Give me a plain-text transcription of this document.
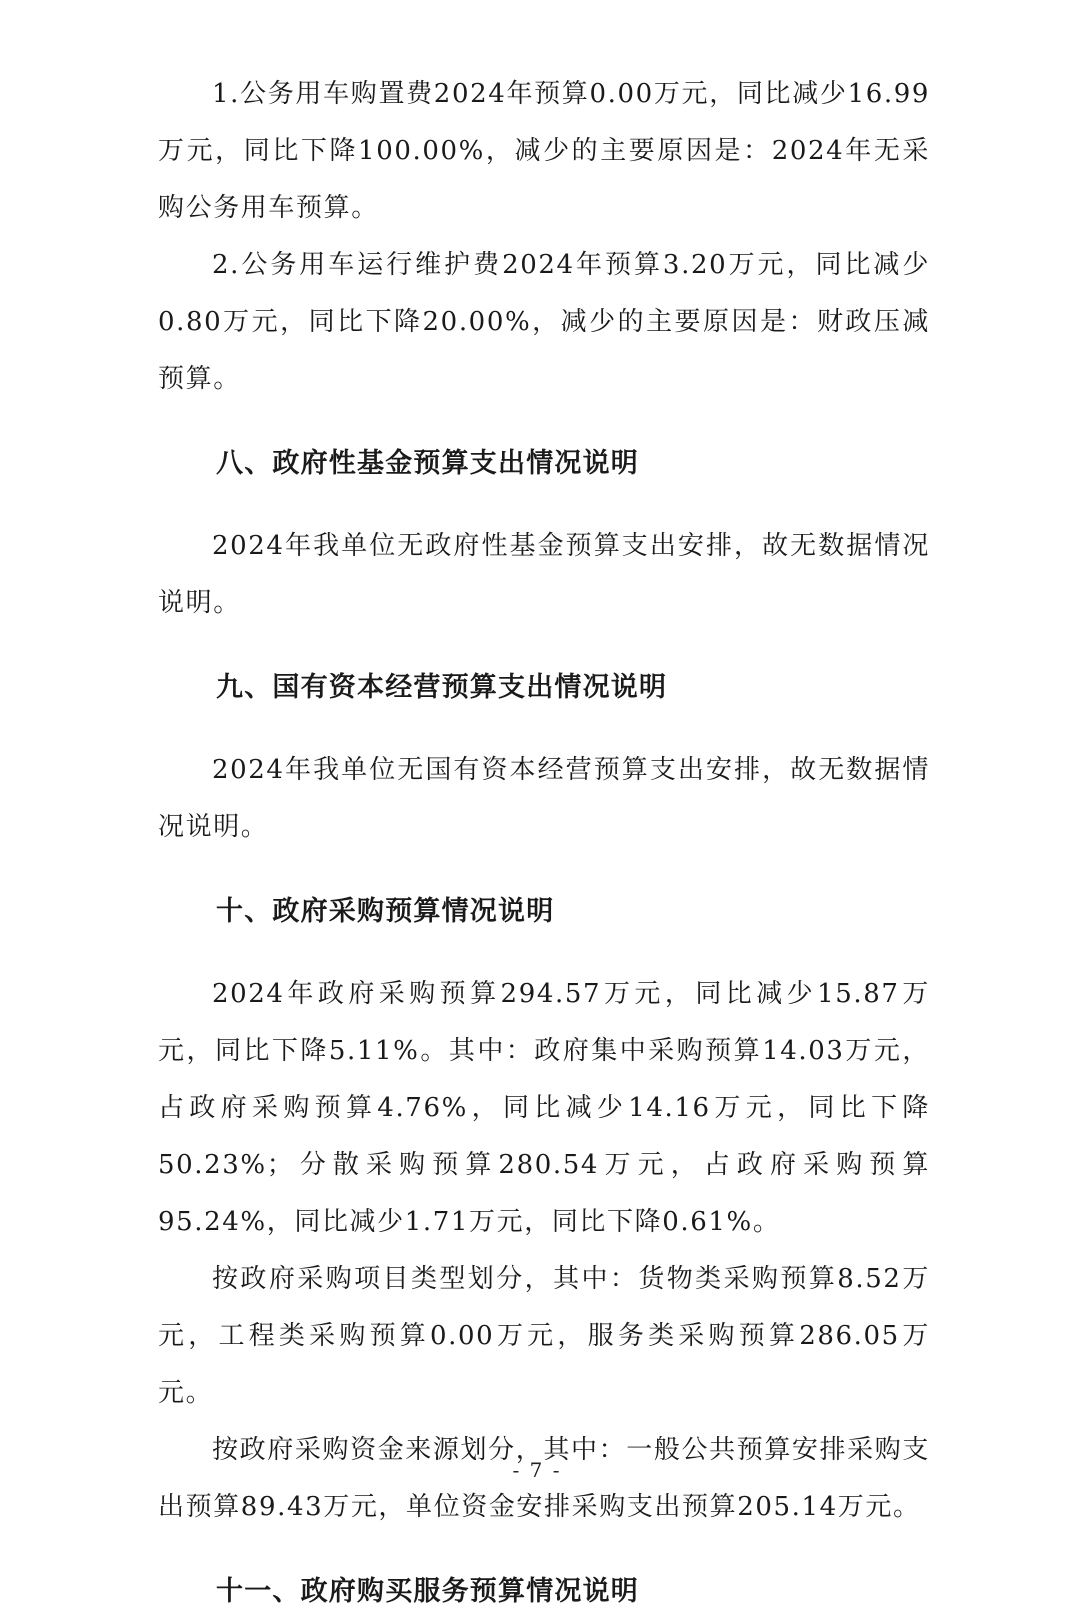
1.公务用车购置费2024年预算0.00万元，同比减少16.99万元，同比下降100.00%，减少的主要原因是：2024年无采购公务用车预算。

2.公务用车运行维护费2024年预算3.20万元，同比减少0.80万元，同比下降20.00%，减少的主要原因是：财政压减预算。

八、政府性基金预算支出情况说明

2024年我单位无政府性基金预算支出安排，故无数据情况说明。

九、国有资本经营预算支出情况说明

2024年我单位无国有资本经营预算支出安排，故无数据情况说明。

十、政府采购预算情况说明

2024年政府采购预算294.57万元，同比减少15.87万元，同比下降5.11%。其中：政府集中采购预算14.03万元，占政府采购预算4.76%，同比减少14.16万元，同比下降50.23%；分散采购预算280.54万元，占政府采购预算95.24%，同比减少1.71万元，同比下降0.61%。

按政府采购项目类型划分，其中：货物类采购预算8.52万元，工程类采购预算0.00万元，服务类采购预算286.05万元。

按政府采购资金来源划分，其中：一般公共预算安排采购支出预算89.43万元，单位资金安排采购支出预算205.14万元。

十一、政府购买服务预算情况说明
- 7 -
